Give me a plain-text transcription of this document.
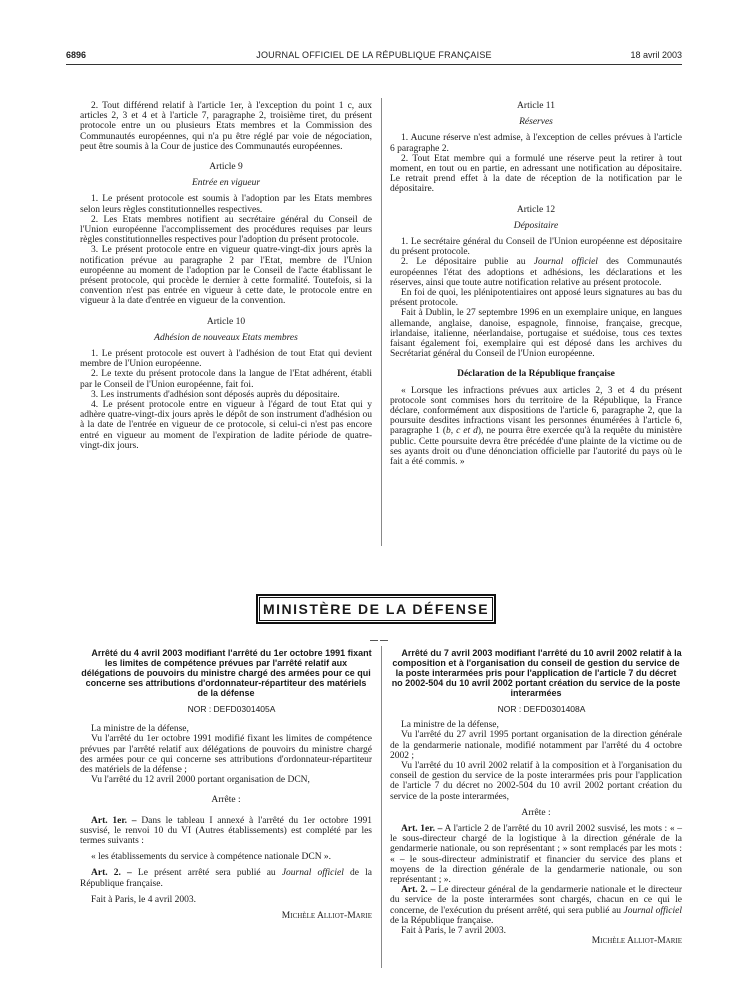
6896	JOURNAL OFFICIEL DE LA RÉPUBLIQUE FRANÇAISE	18 avril 2003

2. Tout différend relatif à l'article 1er, à l'exception du point 1 c, aux articles 2, 3 et 4 et à l'article 7, paragraphe 2, troisième tiret, du présent protocole entre un ou plusieurs Etats membres et la Commission des Communautés européennes, qui n'a pu être réglé par voie de négociation, peut être soumis à la Cour de justice des Communautés européennes.

Article 9

Entrée en vigueur

1. Le présent protocole est soumis à l'adoption par les Etats membres selon leurs règles constitutionnelles respectives.

2. Les Etats membres notifient au secrétaire général du Conseil de l'Union européenne l'accomplissement des procédures requises par leurs règles constitutionnelles respectives pour l'adoption du présent protocole.

3. Le présent protocole entre en vigueur quatre-vingt-dix jours après la notification prévue au paragraphe 2 par l'Etat, membre de l'Union européenne au moment de l'adoption par le Conseil de l'acte établissant le présent protocole, qui procède le dernier à cette formalité. Toutefois, si la convention n'est pas entrée en vigueur à cette date, le protocole entre en vigueur à la date d'entrée en vigueur de la convention.

Article 10

Adhésion de nouveaux Etats membres

1. Le présent protocole est ouvert à l'adhésion de tout Etat qui devient membre de l'Union européenne.

2. Le texte du présent protocole dans la langue de l'Etat adhérent, établi par le Conseil de l'Union européenne, fait foi.

3. Les instruments d'adhésion sont déposés auprès du dépositaire.

4. Le présent protocole entre en vigueur à l'égard de tout Etat qui y adhère quatre-vingt-dix jours après le dépôt de son instrument d'adhésion ou à la date de l'entrée en vigueur de ce protocole, si celui-ci n'est pas encore entré en vigueur au moment de l'expiration de ladite période de quatre-vingt-dix jours.

Article 11

Réserves

1. Aucune réserve n'est admise, à l'exception de celles prévues à l'article 6 paragraphe 2.

2. Tout Etat membre qui a formulé une réserve peut la retirer à tout moment, en tout ou en partie, en adressant une notification au dépositaire. Le retrait prend effet à la date de réception de la notification par le dépositaire.

Article 12

Dépositaire

1. Le secrétaire général du Conseil de l'Union européenne est dépositaire du présent protocole.

2. Le dépositaire publie au Journal officiel des Communautés européennes l'état des adoptions et adhésions, les déclarations et les réserves, ainsi que toute autre notification relative au présent protocole.

En foi de quoi, les plénipotentiaires ont apposé leurs signatures au bas du présent protocole.

Fait à Dublin, le 27 septembre 1996 en un exemplaire unique, en langues allemande, anglaise, danoise, espagnole, finnoise, française, grecque, irlandaise, italienne, néerlandaise, portugaise et suédoise, tous ces textes faisant également foi, exemplaire qui est déposé dans les archives du Secrétariat général du Conseil de l'Union européenne.

Déclaration de la République française

« Lorsque les infractions prévues aux articles 2, 3 et 4 du présent protocole sont commises hors du territoire de la République, la France déclare, conformément aux dispositions de l'article 6, paragraphe 2, que la poursuite desdites infractions visant les personnes énumérées à l'article 6, paragraphe 1 (b, c et d), ne pourra être exercée qu'à la requête du ministère public. Cette poursuite devra être précédée d'une plainte de la victime ou de ses ayants droit ou d'une dénonciation officielle par l'autorité du pays où le fait a été commis. »

MINISTÈRE DE LA DÉFENSE

Arrêté du 4 avril 2003 modifiant l'arrêté du 1er octobre 1991 fixant les limites de compétence prévues par l'arrêté relatif aux délégations de pouvoirs du ministre chargé des armées pour ce qui concerne ses attributions d'ordonnateur-répartiteur des matériels de la défense

NOR : DEFD0301405A

La ministre de la défense,

Vu l'arrêté du 1er octobre 1991 modifié fixant les limites de compétence prévues par l'arrêté relatif aux délégations de pouvoirs du ministre chargé des armées pour ce qui concerne ses attributions d'ordonnateur-répartiteur des matériels de la défense ;

Vu l'arrêté du 12 avril 2000 portant organisation de DCN,

Arrête :

Art. 1er. – Dans le tableau I annexé à l'arrêté du 1er octobre 1991 susvisé, le renvoi 10 du VI (Autres établissements) est complété par les termes suivants :

« les établissements du service à compétence nationale DCN ».

Art. 2. – Le présent arrêté sera publié au Journal officiel de la République française.

Fait à Paris, le 4 avril 2003.

Michèle Alliot-Marie

Arrêté du 7 avril 2003 modifiant l'arrêté du 10 avril 2002 relatif à la composition et à l'organisation du conseil de gestion du service de la poste interarmées pris pour l'application de l'article 7 du décret no 2002-504 du 10 avril 2002 portant création du service de la poste interarmées

NOR : DEFD0301408A

La ministre de la défense,

Vu l'arrêté du 27 avril 1995 portant organisation de la direction générale de la gendarmerie nationale, modifié notamment par l'arrêté du 4 octobre 2002 ;

Vu l'arrêté du 10 avril 2002 relatif à la composition et à l'organisation du conseil de gestion du service de la poste interarmées pris pour l'application de l'article 7 du décret no 2002-504 du 10 avril 2002 portant création du service de la poste interarmées,

Arrête :

Art. 1er. – A l'article 2 de l'arrêté du 10 avril 2002 susvisé, les mots : « – le sous-directeur chargé de la logistique à la direction générale de la gendarmerie nationale, ou son représentant ; » sont remplacés par les mots : « – le sous-directeur administratif et financier du service des plans et moyens de la direction générale de la gendarmerie nationale, ou son représentant ; ».

Art. 2. – Le directeur général de la gendarmerie nationale et le directeur du service de la poste interarmées sont chargés, chacun en ce qui le concerne, de l'exécution du présent arrêté, qui sera publié au Journal officiel de la République française.

Fait à Paris, le 7 avril 2003.

Michèle Alliot-Marie
